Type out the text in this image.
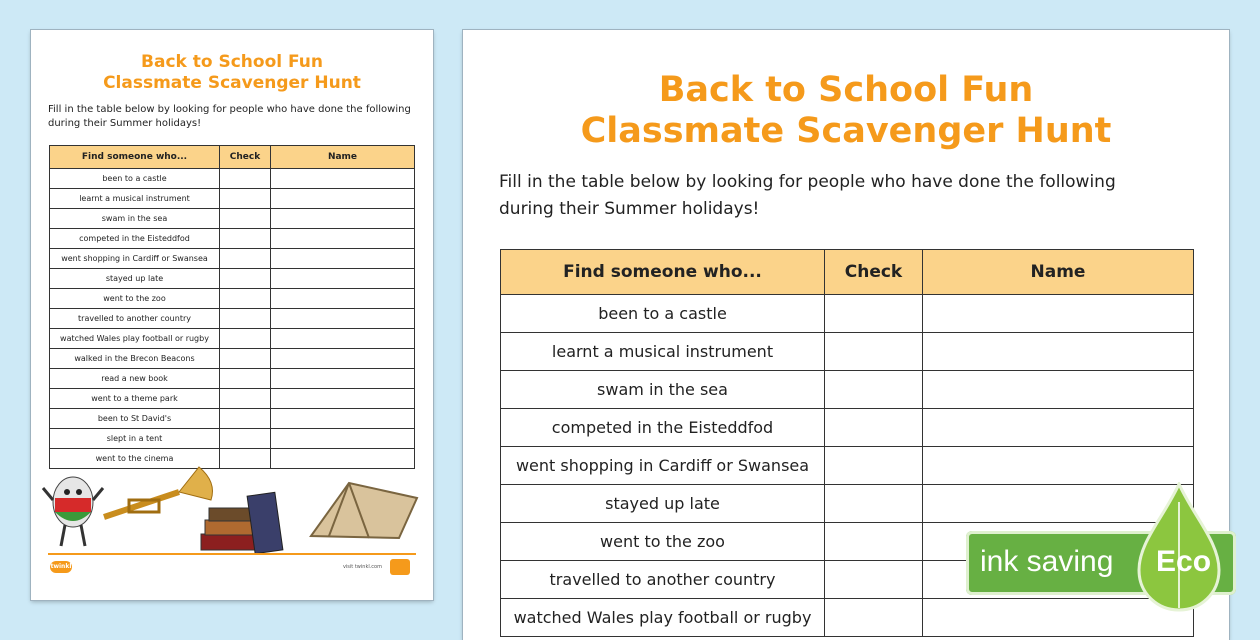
Back to School Fun
Classmate Scavenger Hunt
Fill in the table below by looking for people who have done the following
during their Summer holidays!
Find someone who...	Check	Name
been to a castle		
learnt a musical instrument		
swam in the sea		
competed in the Eisteddfod		
went shopping in Cardiff or Swansea		
stayed up late		
went to the zoo		
travelled to another country		
watched Wales play football or rugby		
walked in the Brecon Beacons		
read a new book		
went to a theme park		
been to St David's		
slept in a tent		
went to the cinema		
twinkl	visit twinkl.com
Back to School Fun
Classmate Scavenger Hunt
Fill in the table below by looking for people who have done the following
during their Summer holidays!
Find someone who...	Check	Name
been to a castle		
learnt a musical instrument		
swam in the sea		
competed in the Eisteddfod		
went shopping in Cardiff or Swansea		
stayed up late		
went to the zoo		
travelled to another country		
watched Wales play football or rugby		
ink saving Eco
